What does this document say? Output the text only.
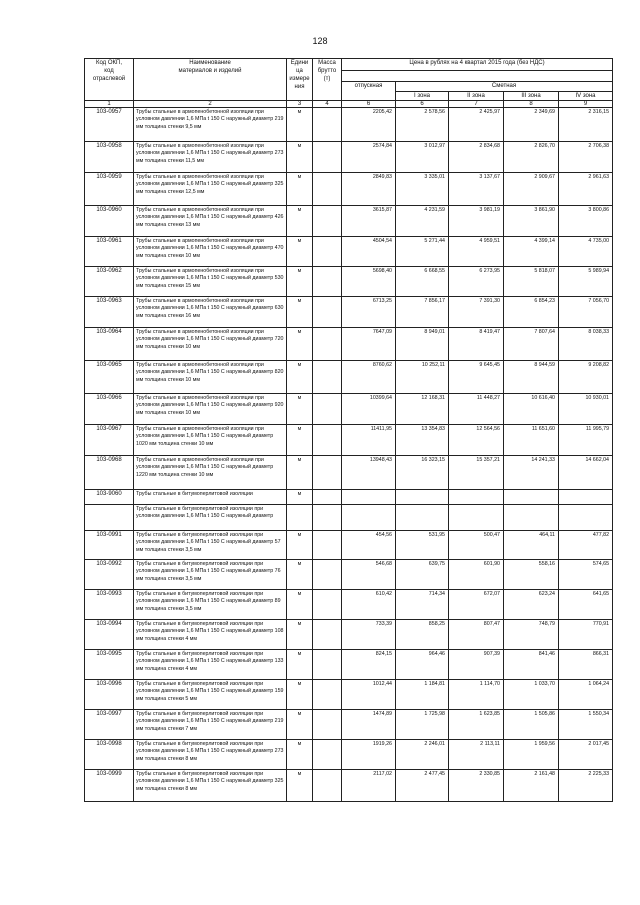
128
Код ОКП,
код
отраслевой	Наименование
материалов и изделий	Едини
ца
измере
ния	Масса
брутто
(т)	Цена в рублях на 4 квартал 2015 года (без НДС)				

				отпускная	Сметная			
					I зона	II зона	III зона	IV зона
1	2	3	4	6	6	7	8	9
103-0957	Трубы стальные в армопенобетонной изоляции при условном давлении 1,6 МПа t 150 С наружный диаметр 219 мм толщина стенки 9,5 мм	м		2205,42	2 578,56	2 425,97	2 349,69	2 316,15
103-0958	Трубы стальные в армопенобетонной изоляции при условном давлении 1,6 МПа t 150 С наружный диаметр 273 мм толщина стенки 11,5 мм	м		2574,84	3 012,97	2 834,68	2 826,70	2 706,38
103-0959	Трубы стальные в армопенобетонной изоляции при условном давлении 1,6 МПа t 150 С наружный диаметр 325 мм толщина стенки 12,5 мм	м		2849,83	3 335,01	3 137,67	2 909,67	2 961,63
103-0960	Трубы стальные в армопенобетонной изоляции при условном давлении 1,6 МПа t 150 С наружный диаметр 426 мм толщина стенки 13 мм	м		3615,87	4 231,59	3 981,19	3 861,90	3 800,86
103-0961	Трубы стальные в армопенобетонной изоляции при условном давлении 1,6 МПа t 150 С наружный диаметр 470 мм толщина стенки 10 мм	м		4504,54	5 271,44	4 959,51	4 399,14	4 735,00
103-0962	Трубы стальные в армопенобетонной изоляции при условном давлении 1,6 МПа t 150 С наружный диаметр 530 мм толщина стенки 15 мм	м		5698,40	6 668,55	6 273,95	5 818,07	5 989,94
103-0963	Трубы стальные в армопенобетонной изоляции при условном давлении 1,6 МПа t 150 С наружный диаметр 630 мм толщина стенки 16 мм	м		6713,25	7 856,17	7 391,30	6 854,23	7 056,70
103-0964	Трубы стальные в армопенобетонной изоляции при условном давлении 1,6 МПа t 150 С наружный диаметр 720 мм толщина стенки 10 мм	м		7647,09	8 949,01	8 419,47	7 807,64	8 038,33
103-0965	Трубы стальные в армопенобетонной изоляции при условном давлении 1,6 МПа t 150 С наружный диаметр 820 мм толщина стенки 10 мм	м		8760,62	10 252,11	9 645,45	8 944,59	9 208,82
103-0966	Трубы стальные в армопенобетонной изоляции при условном давлении 1,6 МПа t 150 С наружный диаметр 920 мм толщина стенки 10 мм	м		10399,64	12 168,31	11 448,27	10 616,40	10 930,01
103-0967	Трубы стальные в армопенобетонной изоляции при условном давлении 1,6 МПа t 150 С наружный диаметр 1020 мм толщина стенки 10 мм	м		11411,95	13 354,83	12 564,56	11 651,60	11 995,79
103-0968	Трубы стальные в армопенобетонной изоляции при условном давлении 1,6 МПа t 150 С наружный диаметр 1220 мм толщина стенки 10 мм	м		13948,43	16 323,15	15 357,21	14 241,33	14 662,04
103-9060	Трубы стальные в битумоперлитовой изоляции	м						
	Трубы стальные в битумоперлитовой изоляции при условном давлении 1,6 МПа t 150 С наружный диаметр							
103-0991	Трубы стальные в битумоперлитовой изоляции при условном давлении 1,6 МПа t 150 С наружный диаметр 57 мм толщина стенки 3,5 мм	м		454,56	531,95	500,47	464,11	477,82
103-0992	Трубы стальные в битумоперлитовой изоляции при условном давлении 1,6 МПа t 150 С наружный диаметр 76 мм толщина стенки 3,5 мм	м		546,68	639,75	601,90	558,16	574,65
103-0993	Трубы стальные в битумоперлитовой изоляции при условном давлении 1,6 МПа t 150 С наружный диаметр 89 мм толщина стенки 3,5 мм	м		610,42	714,34	672,07	623,24	641,65
103-0994	Трубы стальные в битумоперлитовой изоляции при условном давлении 1,6 МПа t 150 С наружный диаметр 108 мм толщина стенки 4 мм	м		733,39	858,25	807,47	748,79	770,91
103-0995	Трубы стальные в битумоперлитовой изоляции при условном давлении 1,6 МПа t 150 С наружный диаметр 133 мм толщина стенки 4 мм	м		824,15	964,46	907,39	841,46	866,31
103-0996	Трубы стальные в битумоперлитовой изоляции при условном давлении 1,6 МПа t 150 С наружный диаметр 159 мм толщина стенки 5 мм	м		1012,44	1 184,81	1 114,70	1 033,70	1 064,24
103-0997	Трубы стальные в битумоперлитовой изоляции при условном давлении 1,6 МПа t 150 С наружный диаметр 219 мм толщина стенки 7 мм	м		1474,89	1 725,98	1 623,85	1 505,86	1 550,34
103-0998	Трубы стальные в битумоперлитовой изоляции при условном давлении 1,6 МПа t 150 С наружный диаметр 273 мм толщина стенки 8 мм	м		1919,26	2 246,01	2 113,11	1 959,56	2 017,45
103-0999	Трубы стальные в битумоперлитовой изоляции при условном давлении 1,6 МПа t 150 С наружный диаметр 325 мм толщина стенки 8 мм	м		2117,02	2 477,45	2 330,85	2 161,48	2 225,33
